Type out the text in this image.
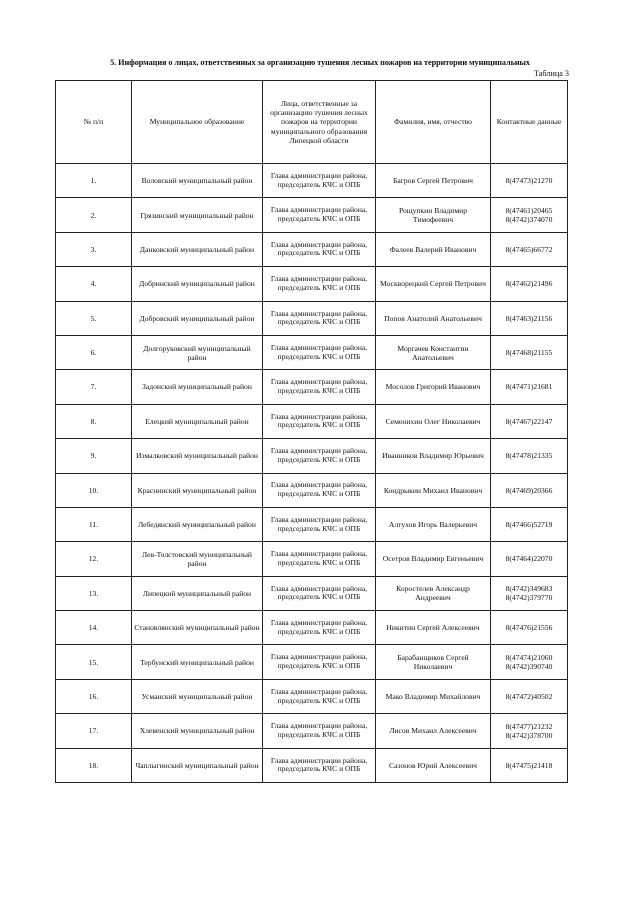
5. Информация о лицах, ответственных за организацию тушения лесных пожаров на территории муниципальных
Таблица 3
№ п/п	Муниципальное образование	Лица, ответственные за организацию тушения лесных пожаров на территории муниципального образования Липецкой области	Фамилия, имя, отчество	Контактные данные
1.	Воловский муниципальный район	Глава администрации района, председатель КЧС и ОПБ	Багров Сергей Петрович	8(47473)21270
2.	Грязинский муниципальный район	Глава администрации района, председатель КЧС и ОПБ	Рощупкин Владимир Тимофеевич	8(47461)20465 8(4742)374070
3.	Данковский муниципальный район	Глава администрации района, председатель КЧС и ОПБ	Фалеев Валерий Иванович	8(47465)66772
4.	Добринский муниципальный район	Глава администрации района, председатель КЧС и ОПБ	Москворецкий Сергей Петрович	8(47462)21496
5.	Добровский муниципальный район	Глава администрации района, председатель КЧС и ОПБ	Попов Анатолий Анатольевич	8(47463)21156
6.	Долгоруковский муниципальный район	Глава администрации района, председатель КЧС и ОПБ	Моргачев Константин Анатольевич	8(47468)21155
7.	Задонский муниципальный район	Глава администрации района, председатель КЧС и ОПБ	Мосолов Григорий Иванович	8(47471)21681
8.	Елецкий муниципальный район	Глава администрации района, председатель КЧС и ОПБ	Семенихин Олег Николаевич	8(47467)22147
9.	Измалковский муниципальный район	Глава администрации района, председатель КЧС и ОПБ	Иванников Владимир Юрьевич	8(47478)21335
10.	Краснинский муниципальный район	Глава администрации района, председатель КЧС и ОПБ	Кондрыкин Михаил Иванович	8(47469)20366
11.	Лебедянский муниципальный район	Глава администрации района, председатель КЧС и ОПБ	Алтухов Игорь Валерьевич	8(47466)52719
12.	Лев-Толстовский муниципальный район	Глава администрации района, председатель КЧС и ОПБ	Осетров Владимир Евгеньевич	8(47464)22070
13.	Липецкий муниципальный район	Глава администрации района, председатель КЧС и ОПБ	Коростелев Александр Андреевич	8(4742)349683 8(4742)379770
14.	Становлянский муниципальный район	Глава администрации района, председатель КЧС и ОПБ	Никитин Сергей Алексеевич	8(47476)21556
15.	Тербунский муниципальный район	Глава администрации района, председатель КЧС и ОПБ	Барабанщиков Сергей Николаевич	8(47474)21060 8(4742)390740
16.	Усманский муниципальный район	Глава администрации района, председатель КЧС и ОПБ	Мако Владимир Михайлович	8(47472)40502
17.	Хлевенский муниципальный район	Глава администрации района, председатель КЧС и ОПБ	Лисов Михаил Алексеевич	8(47477)21232 8(4742)378700
18.	Чаплыгинский муниципальный район	Глава администрации района, председатель КЧС и ОПБ	Сазонов Юрий Алексеевич	8(47475)21418
